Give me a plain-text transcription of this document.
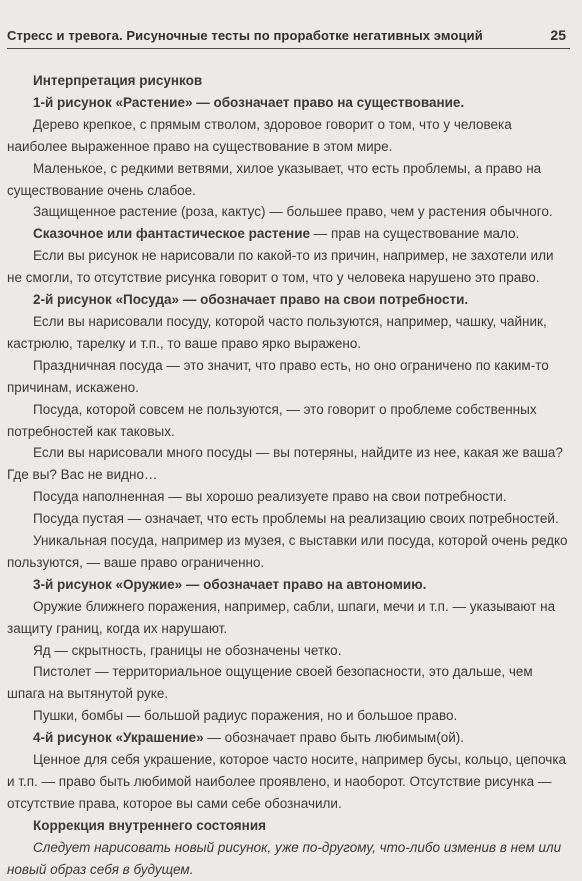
Стресс и тревога. Рисуночные тесты по проработке негативных эмоций	25

Интерпретация рисунков

1-й рисунок «Растение» — обозначает право на существование.

Дерево крепкое, с прямым стволом, здоровое говорит о том, что у человека наиболее выраженное право на существование в этом мире.

Маленькое, с редкими ветвями, хилое указывает, что есть проблемы, а право на существование очень слабое.

Защищенное растение (роза, кактус) — большее право, чем у растения обычного.

Сказочное или фантастическое растение — прав на существование мало.

Если вы рисунок не нарисовали по какой-то из причин, например, не захотели или не смогли, то отсутствие рисунка говорит о том, что у человека нарушено это право.

2-й рисунок «Посуда» — обозначает право на свои потребности.

Если вы нарисовали посуду, которой часто пользуются, например, чашку, чайник, кастрюлю, тарелку и т.п., то ваше право ярко выражено.

Праздничная посуда — это значит, что право есть, но оно ограничено по каким-то причинам, искажено.

Посуда, которой совсем не пользуются, — это говорит о проблеме собственных потребностей как таковых.

Если вы нарисовали много посуды — вы потеряны, найдите из нее, какая же ваша? Где вы? Вас не видно…

Посуда наполненная — вы хорошо реализуете право на свои потребности.

Посуда пустая — означает, что есть проблемы на реализацию своих потребностей.

Уникальная посуда, например из музея, с выставки или посуда, которой очень редко пользуются, — ваше право ограниченно.

3-й рисунок «Оружие» — обозначает право на автономию.

Оружие ближнего поражения, например, сабли, шпаги, мечи и т.п. — указывают на защиту границ, когда их нарушают.

Яд — скрытность, границы не обозначены четко.

Пистолет — территориальное ощущение своей безопасности, это дальше, чем шпага на вытянутой руке.

Пушки, бомбы — большой радиус поражения, но и большое право.

4-й рисунок «Украшение» — обозначает право быть любимым(ой).

Ценное для себя украшение, которое часто носите, например бусы, кольцо, цепочка и т.п. — право быть любимой наиболее проявлено, и наоборот. Отсутствие рисунка — отсутствие права, которое вы сами себе обозначили.

Коррекция внутреннего состояния

Следует нарисовать новый рисунок, уже по-другому, что-либо изменив в нем или новый образ себя в будущем.
